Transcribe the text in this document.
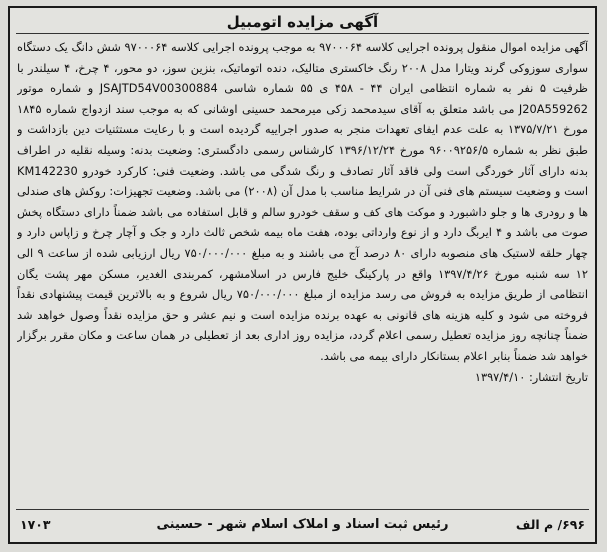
آگهی مزایده اتومبیل
آگهی مزایده اموال منقول پرونده اجرایی کلاسه ۹۷۰۰۰۶۴ به موجب پرونده اجرایی کلاسه ۹۷۰۰۰۶۴ شش دانگ یک دستگاه سواری سوزوکی گرند ویتارا مدل ۲۰۰۸ رنگ خاکستری متالیک، دنده اتوماتیک، بنزین سوز، دو محور، ۴ چرخ، ۴ سیلندر با ظرفیت ۵ نفر به شماره انتظامی ایران ۴۴ - ۴۵۸ ی ۵۵ شماره شاسی JSAJTD54V00300884 و شماره موتور J20A559262 می باشد متعلق به آقای سیدمحمد زکی میرمحمد حسینی اوشانی که به موجب سند ازدواج شماره ۱۸۴۵ مورخ ۱۳۷۵/۷/۲۱ به علت عدم ایفای تعهدات منجر به صدور اجراییه گردیده است و با رعایت مستثنیات دین بازداشت و طبق نظر به شماره ۹۶۰۰۹۲۵۶/۵ مورخ ۱۳۹۶/۱۲/۲۴ کارشناس رسمی دادگستری: وضعیت بدنه: وسیله نقلیه در اطراف بدنه دارای آثار خوردگی است ولی فاقد آثار تصادف و رنگ شدگی می باشد. وضعیت فنی: کارکرد خودرو KM142230 است و وضعیت سیستم های فنی آن در شرایط مناسب با مدل آن (۲۰۰۸) می باشد. وضعیت تجهیزات: روکش های صندلی ها و رودری ها و جلو داشبورد و موکت های کف و سقف خودرو سالم و قابل استفاده می باشد ضمناً دارای دستگاه پخش صوت می باشد و ۴ ایربگ دارد و از نوع وارداتی بوده، هفت ماه بیمه شخص ثالث دارد و جک و آچار چرخ و زاپاس دارد و چهار حلقه لاستیک های منصوبه دارای ۸۰ درصد آج می باشند و به مبلغ ۷۵۰/۰۰۰/۰۰۰ ریال ارزیابی شده از ساعت ۹ الی ۱۲ سه شنبه مورخ ۱۳۹۷/۴/۲۶ واقع در پارکینگ خلیج فارس در اسلامشهر، کمربندی الغدیر، مسکن مهر پشت یگان انتظامی از طریق مزایده به فروش می رسد مزایده از مبلغ ۷۵۰/۰۰۰/۰۰۰ ریال شروع و به بالاترین قیمت پیشنهادی نقداً فروخته می شود و کلیه هزینه های قانونی به عهده برنده مزایده است و نیم عشر و حق مزایده نقداً وصول خواهد شد ضمناً چنانچه روز مزایده تعطیل رسمی اعلام گردد، مزایده روز اداری بعد از تعطیلی در همان ساعت و مکان مقرر برگزار خواهد شد ضمناً بنابر اعلام بستانکار دارای بیمه می باشد.
تاریخ انتشار: ۱۳۹۷/۴/۱۰
۶۹۶/ م الف
رئیس ثبت اسناد و املاک اسلام شهر - حسینی
۱۷۰۳
